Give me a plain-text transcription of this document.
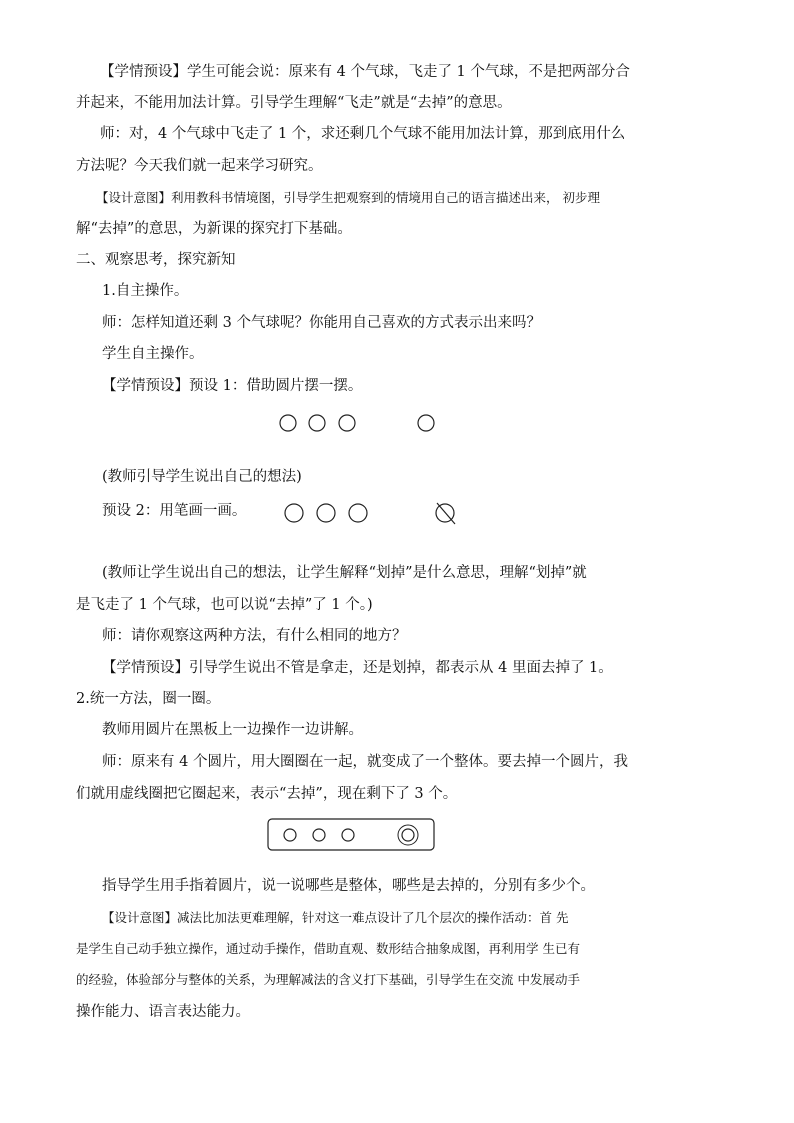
【学情预设】学生可能会说：原来有 4 个气球，飞走了 1 个气球，不是把两部分合
并起来，不能用加法计算。引导学生理解“飞走”就是“去掉”的意思。
师：对，4 个气球中飞走了 1 个，求还剩几个气球不能用加法计算，那到底用什么
方法呢？今天我们就一起来学习研究。
【设计意图】利用教科书情境图，引导学生把观察到的情境用自己的语言描述出来， 初步理
解“去掉”的意思，为新课的探究打下基础。
二、观察思考，探究新知
1.自主操作。
师：怎样知道还剩 3 个气球呢？你能用自己喜欢的方式表示出来吗？
学生自主操作。
【学情预设】预设 1：借助圆片摆一摆。
(教师引导学生说出自己的想法)
预设 2：用笔画一画。
(教师让学生说出自己的想法，让学生解释“划掉”是什么意思，理解“划掉”就
是飞走了 1 个气球，也可以说“去掉”了 1 个。)
师：请你观察这两种方法，有什么相同的地方？
【学情预设】引导学生说出不管是拿走，还是划掉，都表示从 4 里面去掉了 1。
2.统一方法，圈一圈。
教师用圆片在黑板上一边操作一边讲解。
师：原来有 4 个圆片，用大圈圈在一起，就变成了一个整体。要去掉一个圆片，我
们就用虚线圈把它圈起来，表示“去掉”，现在剩下了 3 个。
指导学生用手指着圆片，说一说哪些是整体，哪些是去掉的，分别有多少个。
【设计意图】减法比加法更难理解，针对这一难点设计了几个层次的操作活动：首 先
是学生自己动手独立操作，通过动手操作，借助直观、数形结合抽象成图，再利用学 生已有
的经验，体验部分与整体的关系，为理解减法的含义打下基础，引导学生在交流 中发展动手
操作能力、语言表达能力。
